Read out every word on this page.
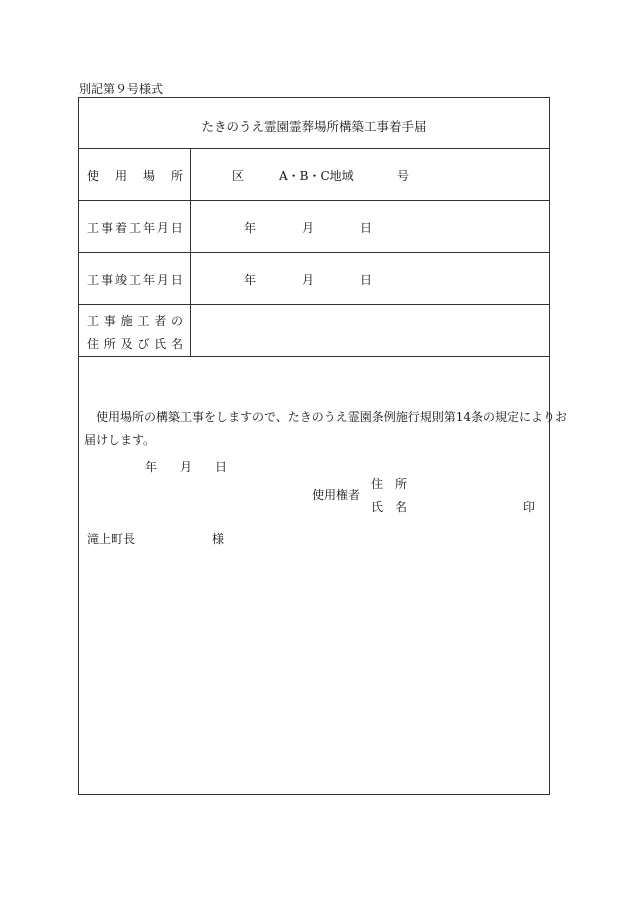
別記第９号様式
たきのうえ霊園霊葬場所構築工事着手届
使 用 場 所	区	A・B・C地域	号
工 事 着 工 年 月 日	年	月	日
工 事 竣 工 年 月 日	年	月	日
工 事 施 工 者 の
住 所 及 び 氏 名
使用場所の構築工事をしますので、たきのうえ霊園条例施行規則第14条の規定によりお
届けします。
年 月 日
使用権者
住　所
氏　名	印
滝上町長	様
